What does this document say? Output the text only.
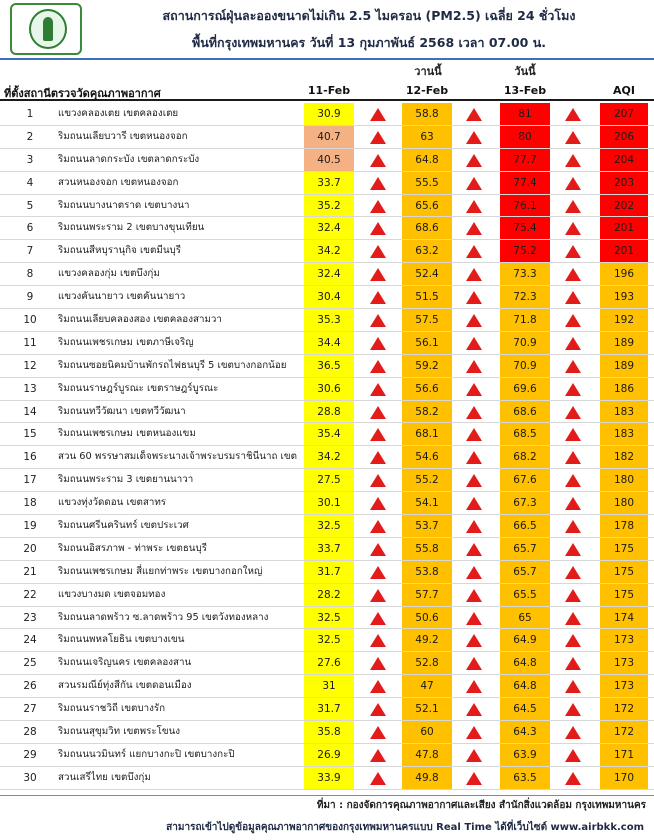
สถานการณ์ฝุ่นละอองขนาดไม่เกิน 2.5 ไมครอน (PM2.5) เฉลี่ย 24 ชั่วโมง
พื้นที่กรุงเทพมหานคร วันที่ 13 กุมภาพันธ์ 2568 เวลา 07.00 น.
วานนี้	วันนี้
ที่ตั้งสถานีตรวจวัดคุณภาพอากาศ	11-Feb	12-Feb	13-Feb	AQI
1	แขวงคลองเตย เขตคลองเตย	30.9	58.8	81	207
2	ริมถนนเลียบวารี เขตหนองจอก	40.7	63	80	206
3	ริมถนนลาดกระบัง เขตลาดกระบัง	40.5	64.8	77.7	204
4	สวนหนองจอก เขตหนองจอก	33.7	55.5	77.4	203
5	ริมถนนบางนาตราด เขตบางนา	35.2	65.6	76.1	202
6	ริมถนนพระราม 2 เขตบางขุนเทียน	32.4	68.6	75.4	201
7	ริมถนนสีหบุรานุกิจ เขตมีนบุรี	34.2	63.2	75.2	201
8	แขวงคลองกุ่ม เขตบึงกุ่ม	32.4	52.4	73.3	196
9	แขวงคันนายาว เขตคันนายาว	30.4	51.5	72.3	193
10	ริมถนนเลียบคลองสอง เขตคลองสามวา	35.3	57.5	71.8	192
11	ริมถนนเพชรเกษม เขตภาษีเจริญ	34.4	56.1	70.9	189
12	ริมถนนซอยนิคมบ้านพักรถไฟธนบุรี 5 เขตบางกอกน้อย	36.5	59.2	70.9	189
13	ริมถนนราษฎร์บูรณะ เขตราษฎร์บูรณะ	30.6	56.6	69.6	186
14	ริมถนนทวีวัฒนา เขตทวีวัฒนา	28.8	58.2	68.6	183
15	ริมถนนเพชรเกษม เขตหนองแขม	35.4	68.1	68.5	183
16	สวน 60 พรรษาสมเด็จพระนางเจ้าพระบรมราชินีนาถ เขต	34.2	54.6	68.2	182
17	ริมถนนพระราม 3 เขตยานนาวา	27.5	55.2	67.6	180
18	แขวงทุ่งวัดดอน เขตสาทร	30.1	54.1	67.3	180
19	ริมถนนศรีนครินทร์ เขตประเวศ	32.5	53.7	66.5	178
20	ริมถนนอิสรภาพ - ท่าพระ เขตธนบุรี	33.7	55.8	65.7	175
21	ริมถนนเพชรเกษม สี่แยกท่าพระ เขตบางกอกใหญ่	31.7	53.8	65.7	175
22	แขวงบางมด เขตจอมทอง	28.2	57.7	65.5	175
23	ริมถนนลาดพร้าว ซ.ลาดพร้าว 95 เขตวังทองหลาง	32.5	50.6	65	174
24	ริมถนนพหลโยธิน เขตบางเขน	32.5	49.2	64.9	173
25	ริมถนนเจริญนคร เขตคลองสาน	27.6	52.8	64.8	173
26	สวนรมณีย์ทุ่งสีกัน เขตดอนเมือง	31	47	64.8	173
27	ริมถนนราชวิถี เขตบางรัก	31.7	52.1	64.5	172
28	ริมถนนสุขุมวิท เขตพระโขนง	35.8	60	64.3	172
29	ริมถนนนวมินทร์ แยกบางกะปิ เขตบางกะปิ	26.9	47.8	63.9	171
30	สวนเสรีไทย เขตบึงกุ่ม	33.9	49.8	63.5	170
ที่มา : กองจัดการคุณภาพอากาศและเสียง สำนักสิ่งแวดล้อม กรุงเทพมหานคร
สามารถเข้าไปดูข้อมูลคุณภาพอากาศของกรุงเทพมหานครแบบ Real Time ได้ที่เว็บไซต์ www.airbkk.com
